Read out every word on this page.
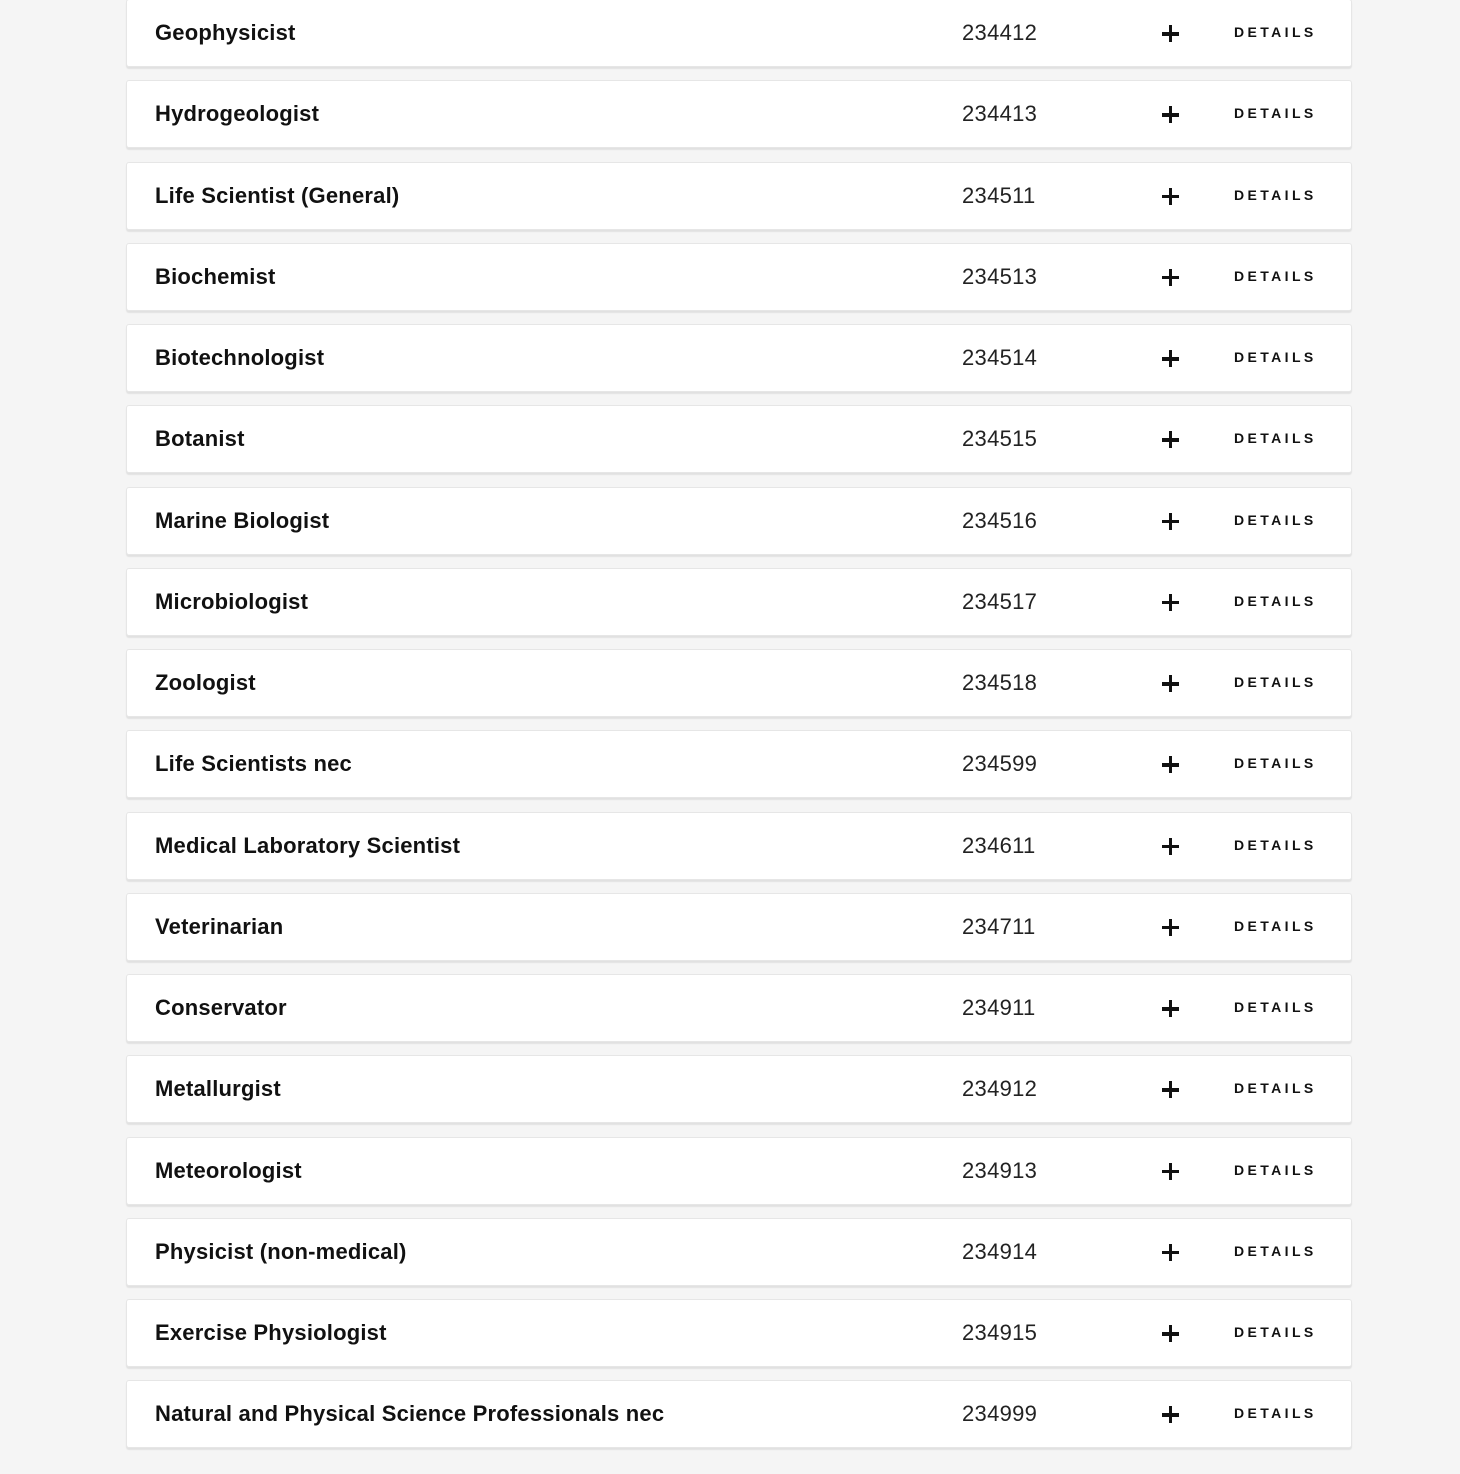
Geophysicist	234412	DETAILS
Hydrogeologist	234413	DETAILS
Life Scientist (General)	234511	DETAILS
Biochemist	234513	DETAILS
Biotechnologist	234514	DETAILS
Botanist	234515	DETAILS
Marine Biologist	234516	DETAILS
Microbiologist	234517	DETAILS
Zoologist	234518	DETAILS
Life Scientists nec	234599	DETAILS
Medical Laboratory Scientist	234611	DETAILS
Veterinarian	234711	DETAILS
Conservator	234911	DETAILS
Metallurgist	234912	DETAILS
Meteorologist	234913	DETAILS
Physicist (non-medical)	234914	DETAILS
Exercise Physiologist	234915	DETAILS
Natural and Physical Science Professionals nec	234999	DETAILS
